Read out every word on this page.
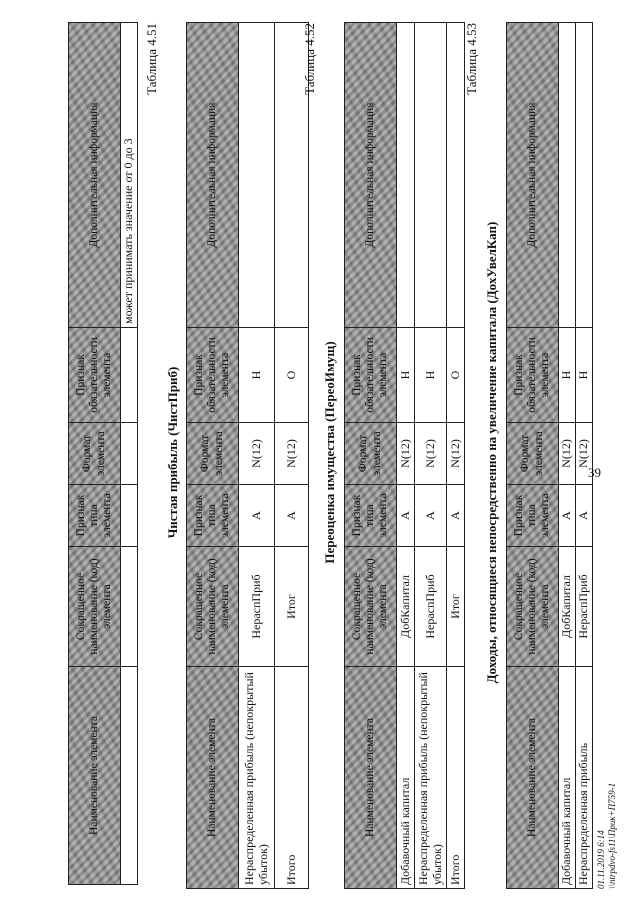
Наименование элемента	Сокращенное наименование (код) элемента	Признак типа элемента	Формат элемента	Признак обязательности элемента	Дополнительная информация
					может принимать значение от 0 до 3
Таблица 4.51
Чистая прибыль (ЧистПриб)
Наименование элемента	Сокращенное наименование (код) элемента	Признак типа элемента	Формат элемента	Признак обязательности элемента	Дополнительная информация
Нераспределенная прибыль (непокрытый убыток)	НераспПриб	А	N(12)	Н	
Итого	Итог	А	N(12)	О	
Таблица 4.52
Переоценка имущества (ПереоИмущ)
Наименование элемента	Сокращенное наименование (код) элемента	Признак типа элемента	Формат элемента	Признак обязательности элемента	Дополнительная информация
Добавочный капитал	ДобКапитал	А	N(12)	Н	
Нераспределенная прибыль (непокрытый убыток)	НераспПриб	А	N(12)	Н	
Итого	Итог	А	N(12)	О	
Таблица 4.53
Доходы, относящиеся непосредственно на увеличение капитала (ДохУвелКап)
Наименование элемента	Сокращенное наименование (код) элемента	Признак типа элемента	Формат элемента	Признак обязательности элемента	Дополнительная информация
Добавочный капитал	ДобКапитал	А	N(12)	Н	
Нераспределенная прибыль	НераспПриб	А	N(12)	Н	
01.11.2019 6:14 \\ntrpdvo-fs11\Прик+П759-1
39
